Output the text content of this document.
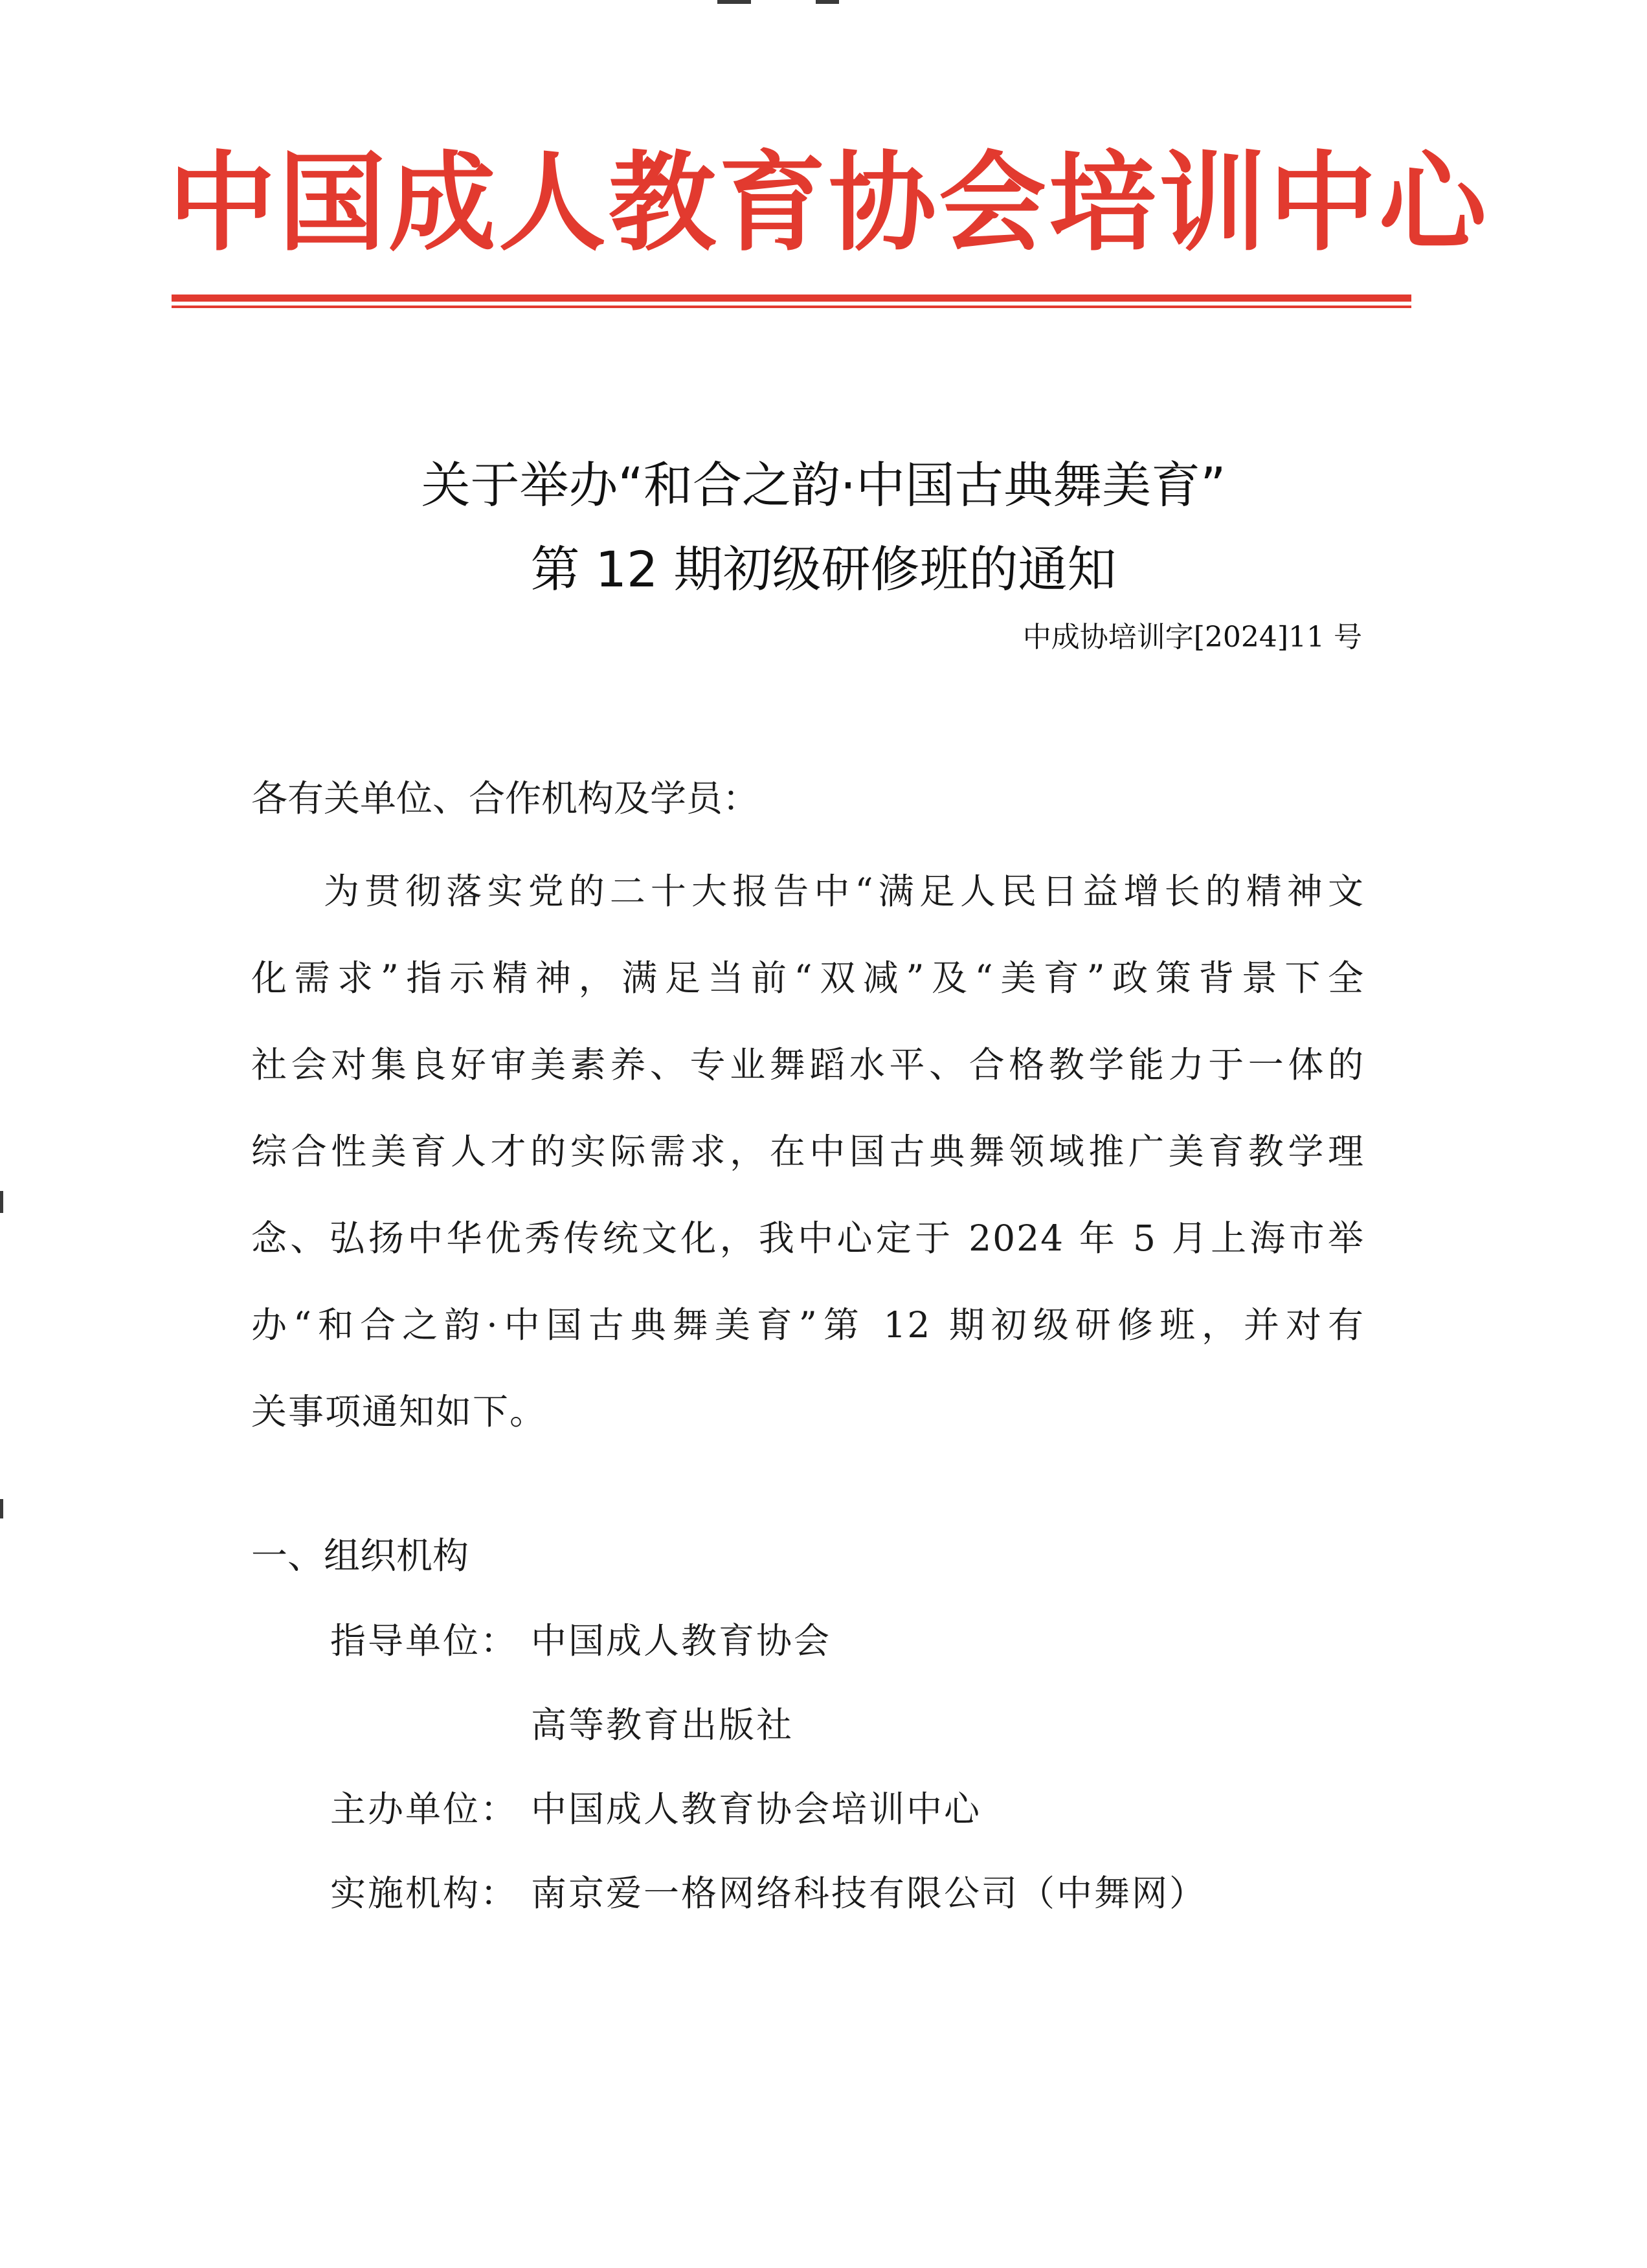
中国成人教育协会培训中心
关于举办“和合之韵·中国古典舞美育”
第 12 期初级研修班的通知
中成协培训字[2024]11 号
各有关单位、合作机构及学员：
为贯彻落实党的二十大报告中“满足人民日益增长的精神文
化需求”指示精神，满足当前“双减”及“美育”政策背景下全
社会对集良好审美素养、专业舞蹈水平、合格教学能力于一体的
综合性美育人才的实际需求，在中国古典舞领域推广美育教学理
念、弘扬中华优秀传统文化，我中心定于 2024 年 5 月上海市举
办“和合之韵·中国古典舞美育”第 12 期初级研修班，并对有
关事项通知如下。
一、组织机构
指导单位： 中国成人教育协会
高等教育出版社
主办单位： 中国成人教育协会培训中心
实施机构： 南京爱一格网络科技有限公司（中舞网）
